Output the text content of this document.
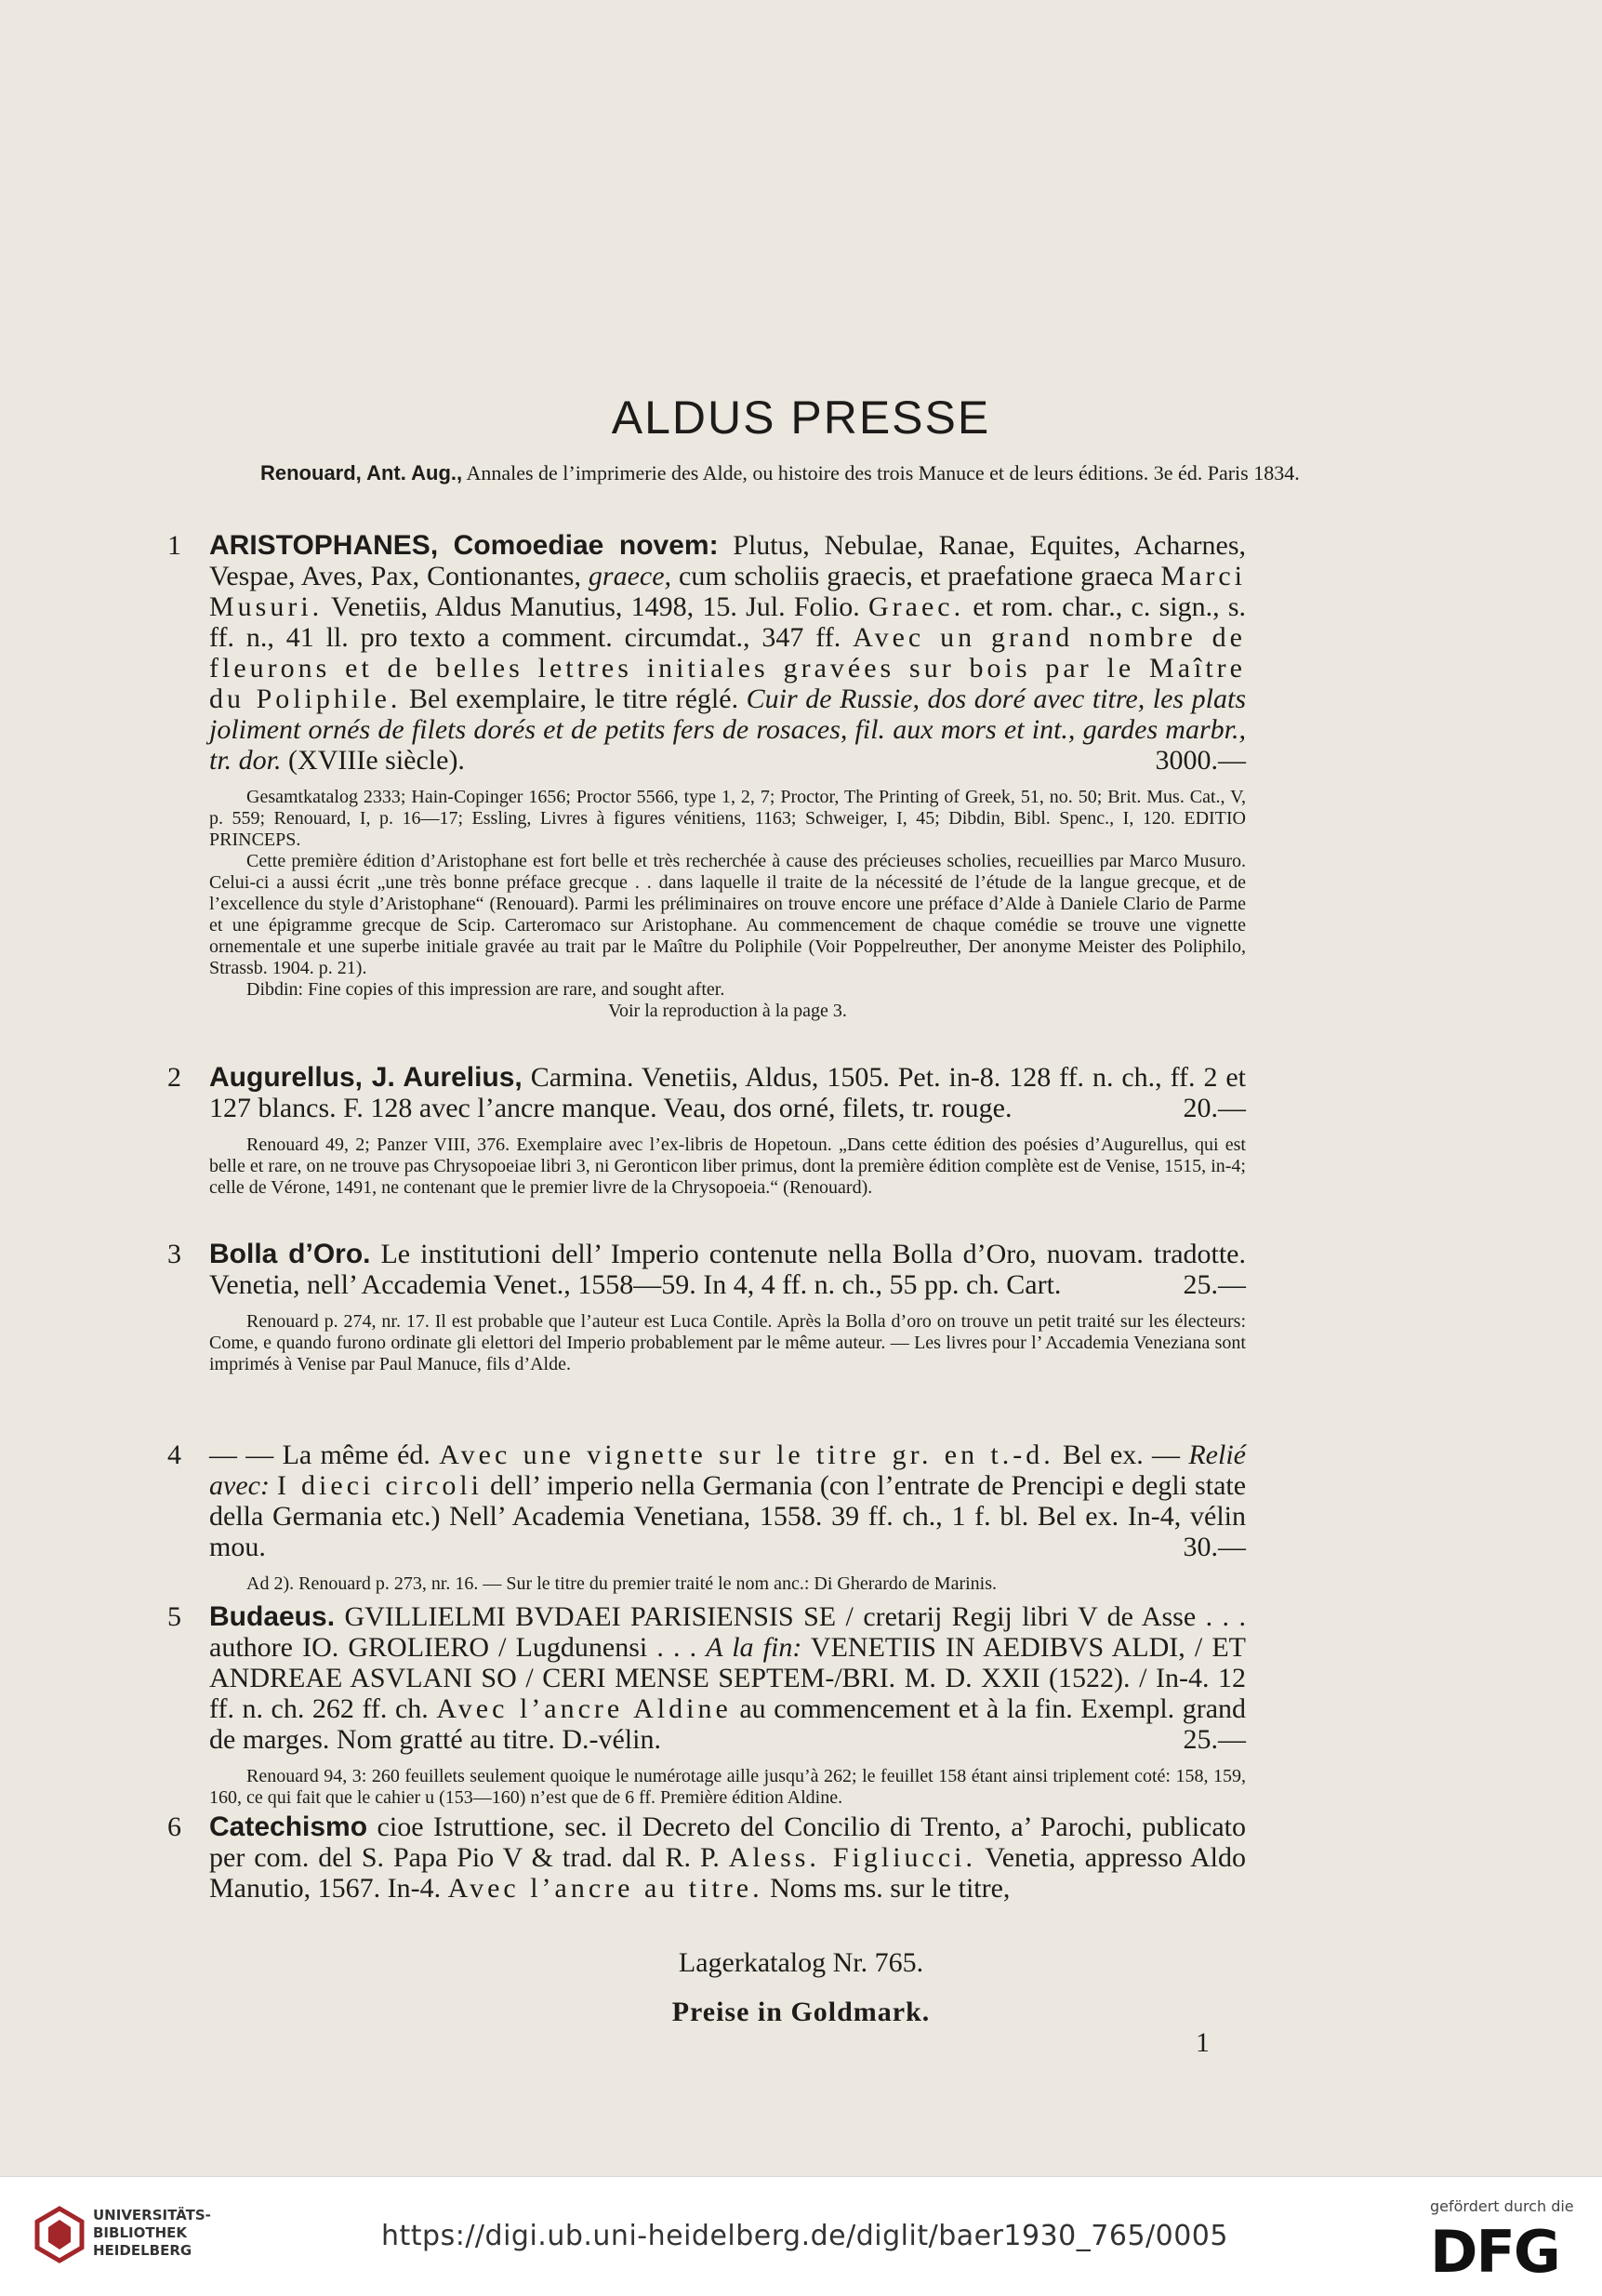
ALDUS PRESSE
Renouard, Ant. Aug., Annales de l’imprimerie des Alde, ou histoire des trois Manuce et de leurs éditions. 3e éd. Paris 1834.
1 ARISTOPHANES, Comoediae novem: Plutus, Nebulae, Ranae, Equites, Acharnes, Vespae, Aves, Pax, Contionantes, graece, cum scholiis graecis, et praefatione graeca Marci Musuri. Venetiis, Aldus Manutius, 1498, 15. Jul. Folio. Graec. et rom. char., c. sign., s. ff. n., 41 ll. pro texto a comment. circumdat., 347 ff. Avec un grand nombre de fleurons et de belles lettres initiales gravées sur bois par le Maître du Poliphile. Bel exemplaire, le titre réglé. Cuir de Russie, dos doré avec titre, les plats joliment ornés de filets dorés et de petits fers de rosaces, fil. aux mors et int., gardes marbr., tr. dor. (XVIIIe siècle).	3000.—
Gesamtkatalog 2333; Hain-Copinger 1656; Proctor 5566, type 1, 2, 7; Proctor, The Printing of Greek, 51, no. 50; Brit. Mus. Cat., V, p. 559; Renouard, I, p. 16—17; Essling, Livres à figures vénitiens, 1163; Schweiger, I, 45; Dibdin, Bibl. Spenc., I, 120. EDITIO PRINCEPS.
Cette première édition d’Aristophane est fort belle et très recherchée à cause des précieuses scholies, recueillies par Marco Musuro. Celui-ci a aussi écrit „une très bonne préface grecque . . dans laquelle il traite de la nécessité de l’étude de la langue grecque, et de l’excellence du style d’Aristophane“ (Renouard). Parmi les préliminaires on trouve encore une préface d’Alde à Daniele Clario de Parme et une épigramme grecque de Scip. Carteromaco sur Aristophane. Au commencement de chaque comédie se trouve une vignette ornementale et une superbe initiale gravée au trait par le Maître du Poliphile (Voir Poppelreuther, Der anonyme Meister des Poliphilo, Strassb. 1904. p. 21).
Dibdin: Fine copies of this impression are rare, and sought after.
Voir la reproduction à la page 3.
2 Augurellus, J. Aurelius, Carmina. Venetiis, Aldus, 1505. Pet. in-8. 128 ff. n. ch., ff. 2 et 127 blancs. F. 128 avec l’ancre manque. Veau, dos orné, filets, tr. rouge.	20.—
Renouard 49, 2; Panzer VIII, 376. Exemplaire avec l’ex-libris de Hopetoun. „Dans cette édition des poésies d’Augurellus, qui est belle et rare, on ne trouve pas Chrysopoeiae libri 3, ni Geronticon liber primus, dont la première édition complète est de Venise, 1515, in-4; celle de Vérone, 1491, ne contenant que le premier livre de la Chrysopoeia.“ (Renouard).
3 Bolla d’Oro. Le institutioni dell’ Imperio contenute nella Bolla d’Oro, nuovam. tradotte. Venetia, nell’ Accademia Venet., 1558—59. In 4, 4 ff. n. ch., 55 pp. ch. Cart.	25.—
Renouard p. 274, nr. 17. Il est probable que l’auteur est Luca Contile. Après la Bolla d’oro on trouve un petit traité sur les électeurs: Come, e quando furono ordinate gli elettori del Imperio probablement par le même auteur. — Les livres pour l’ Accademia Veneziana sont imprimés à Venise par Paul Manuce, fils d’Alde.
4 — — La même éd. Avec une vignette sur le titre gr. en t.-d. Bel ex. — Relié avec: I dieci circoli dell’ imperio nella Germania (con l’entrate de Prencipi e degli state della Germania etc.) Nell’ Academia Venetiana, 1558. 39 ff. ch., 1 f. bl. Bel ex. In-4, vélin mou.	30.—
Ad 2). Renouard p. 273, nr. 16. — Sur le titre du premier traité le nom anc.: Di Gherardo de Marinis.
5 Budaeus. GVILLIELMI BVDAEI PARISIENSIS SE / cretarij Regij libri V de Asse . . . authore IO. GROLIERO / Lugdunensi . . . A la fin: VENETIIS IN AEDIBVS ALDI, / ET ANDREAE ASVLANI SO / CERI MENSE SEPTEM-/BRI. M. D. XXII (1522). / In-4. 12 ff. n. ch. 262 ff. ch. Avec l’ancre Aldine au commencement et à la fin. Exempl. grand de marges. Nom gratté au titre. D.-vélin.	25.—
Renouard 94, 3: 260 feuillets seulement quoique le numérotage aille jusqu’à 262; le feuillet 158 étant ainsi triplement coté: 158, 159, 160, ce qui fait que le cahier u (153—160) n’est que de 6 ff. Première édition Aldine.
6 Catechismo cioe Istruttione, sec. il Decreto del Concilio di Trento, a’ Parochi, publicato per com. del S. Papa Pio V & trad. dal R. P. Aless. Figliucci. Venetia, appresso Aldo Manutio, 1567. In-4. Avec l’ancre au titre. Noms ms. sur le titre,
Lagerkatalog Nr. 765.
Preise in Goldmark.
1
UNIVERSITÄTS-
BIBLIOTHEK
HEIDELBERG	https://digi.ub.uni-heidelberg.de/diglit/baer1930_765/0005
gefördert durch die
DFG
